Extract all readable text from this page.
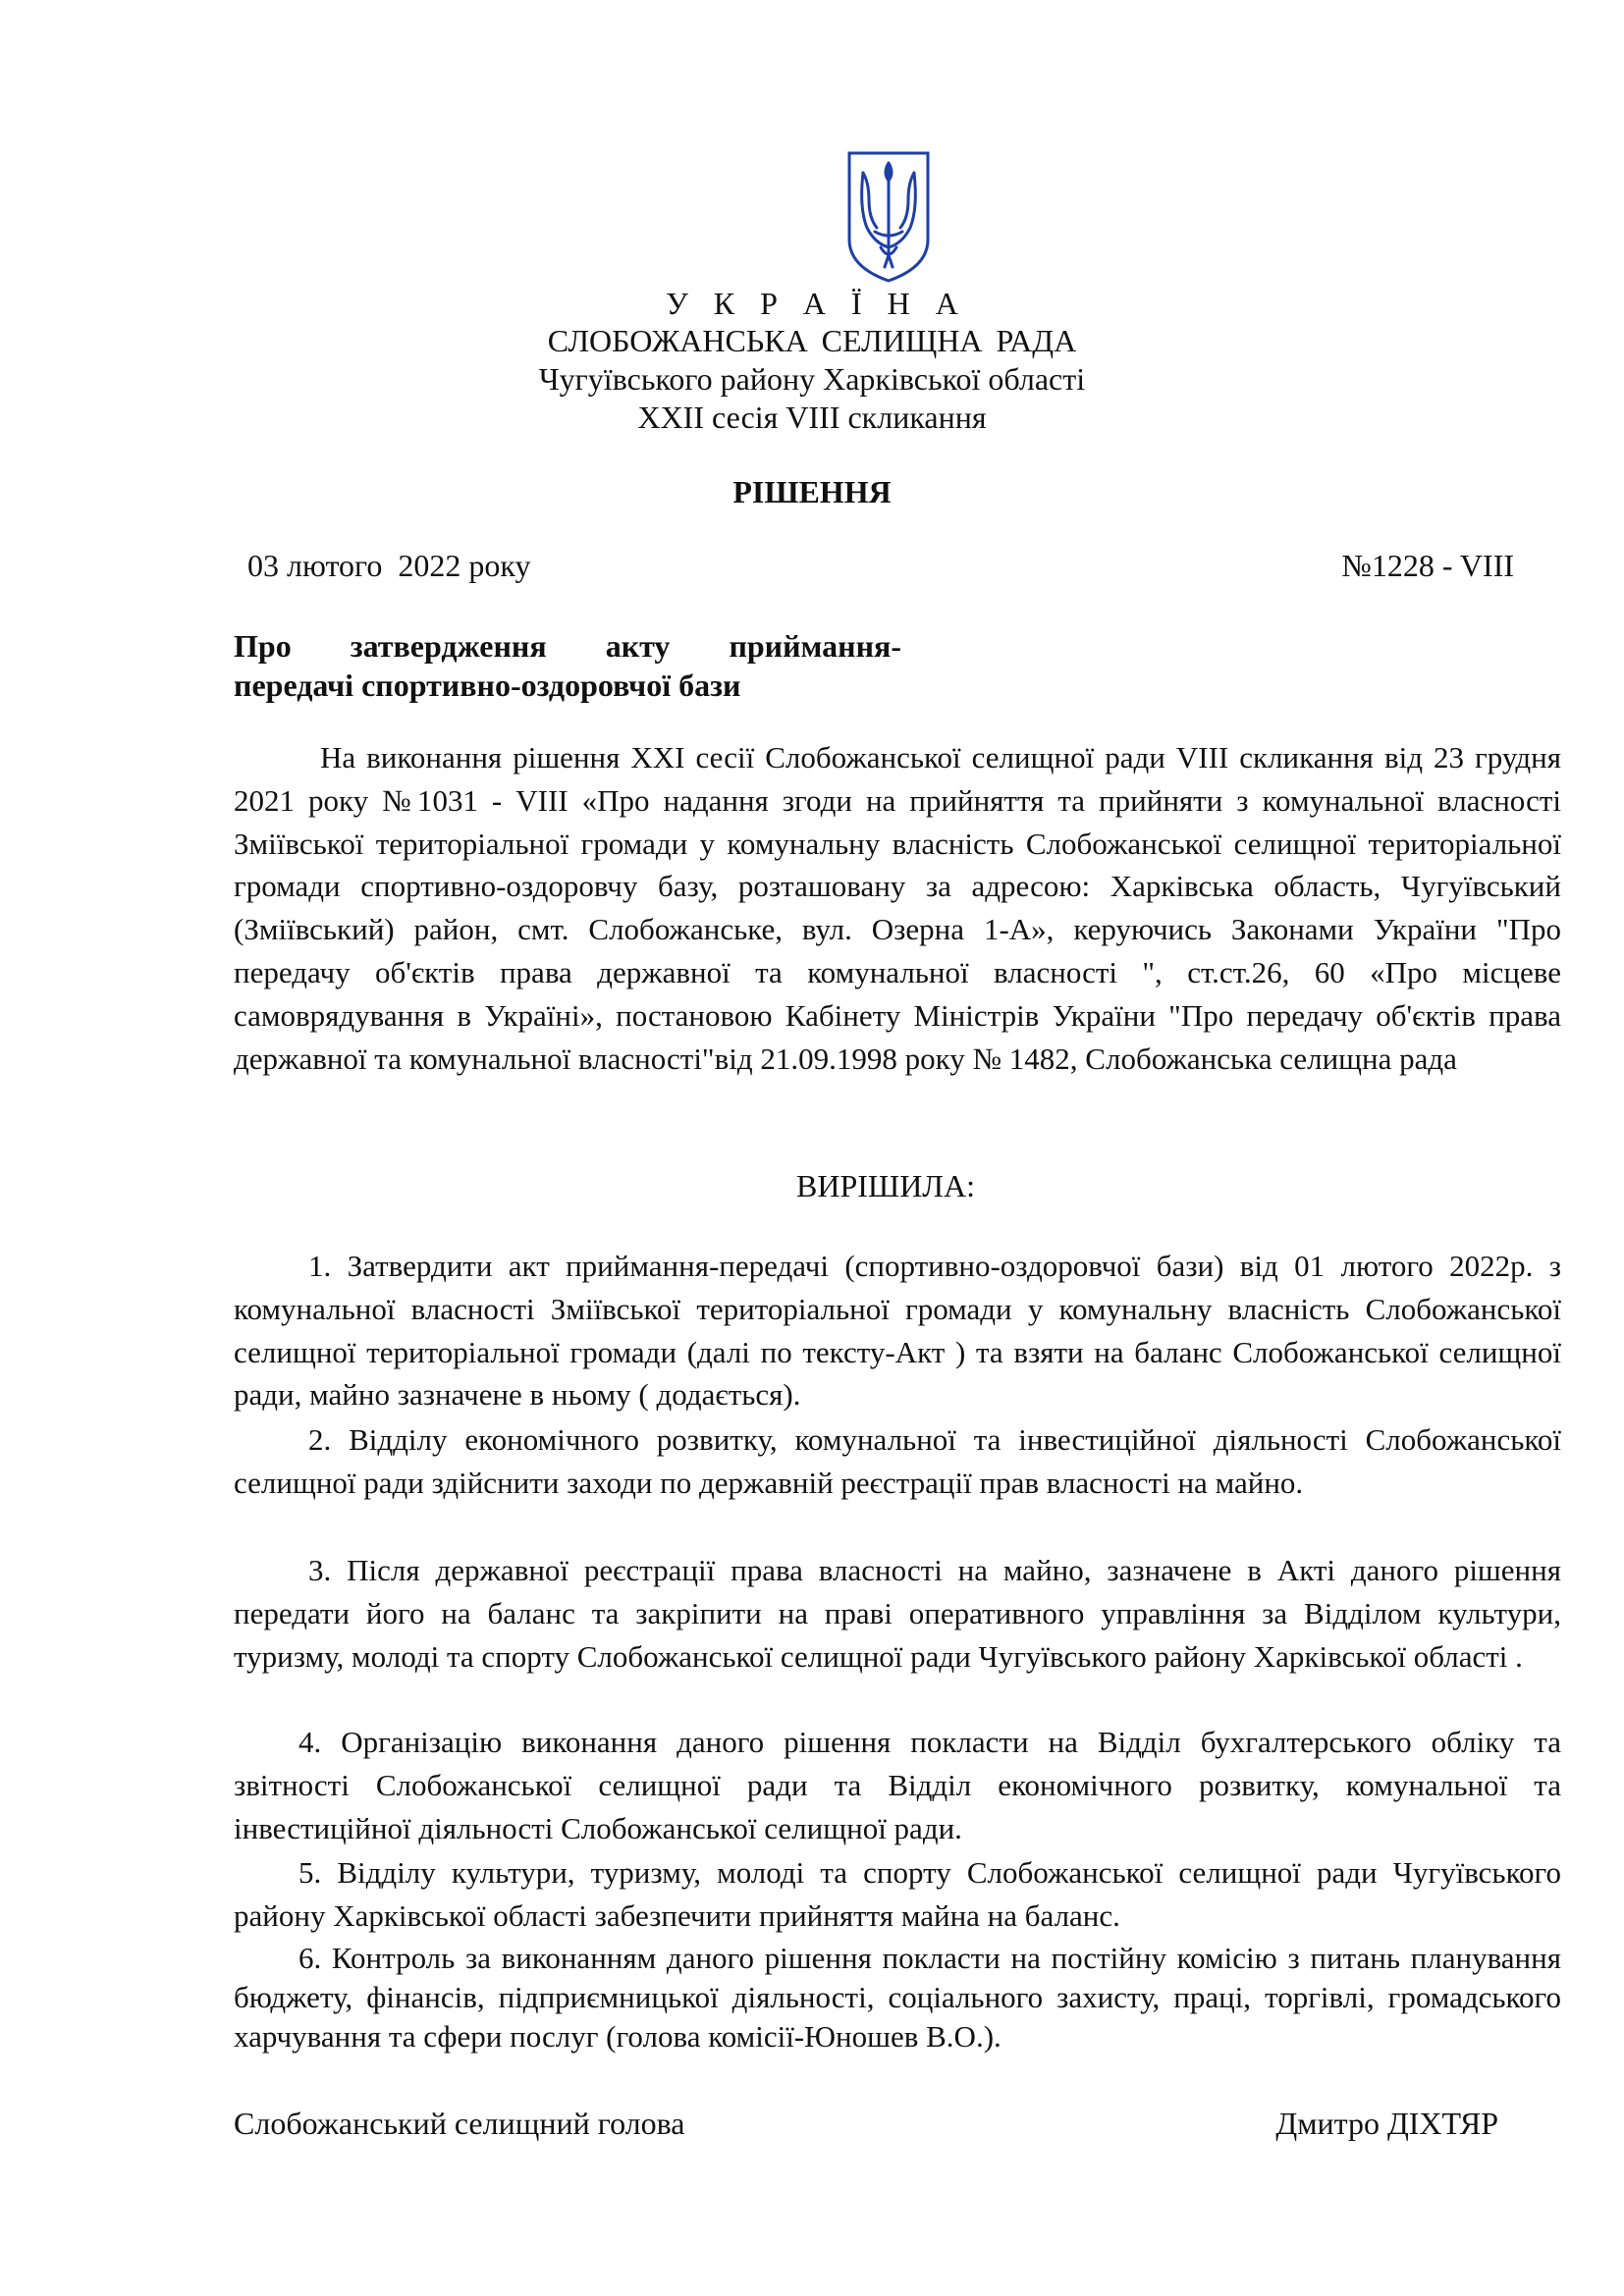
У К Р А Ї Н А
СЛОБОЖАНСЬКА СЕЛИЩНА РАДА
Чугуївського району Харківської області
ХХІІ сесія VIІІ скликання
РІШЕННЯ
03 лютого  2022 року	№1228 - VIІІ
Про затвердження акту приймання-
передачі спортивно-оздоровчої бази
На виконання рішення ХХІ сесії Слобожанської селищної ради VIІІ скликання від 23 грудня 2021 року №1031 - VIІІ «Про надання згоди на прийняття та прийняти з комунальної власності Зміївської територіальної громади у комунальну власність Слобожанської селищної територіальної громади спортивно-оздоровчу базу, розташовану за адресою: Харківська область, Чугуївський (Зміївський) район, смт. Слобожанське, вул. Озерна 1-А», керуючись Законами України "Про передачу об'єктів права державної та комунальної власності ", ст.ст.26, 60 «Про місцеве самоврядування в Україні», постановою Кабінету Міністрів України "Про передачу об'єктів права державної та комунальної власності"від 21.09.1998 року № 1482, Слобожанська селищна рада
ВИРІШИЛА:
1. Затвердити акт приймання-передачі (спортивно-оздоровчої бази) від 01 лютого 2022р. з комунальної власності Зміївської територіальної громади у комунальну власність Слобожанської селищної територіальної громади (далі по тексту-Акт ) та взяти на баланс Слобожанської селищної ради, майно зазначене в ньому ( додається).
2. Відділу економічного розвитку, комунальної та інвестиційної діяльності Слобожанської селищної ради здійснити заходи по державній реєстрації прав власності на майно.
3. Після державної реєстрації права власності на майно, зазначене в Акті даного рішення передати його на баланс та закріпити на праві оперативного управління за Відділом культури, туризму, молоді та спорту Слобожанської селищної ради Чугуївського району Харківської області .
4. Організацію виконання даного рішення покласти на Відділ бухгалтерського обліку та звітності Слобожанської селищної ради та Відділ економічного розвитку, комунальної та інвестиційної діяльності Слобожанської селищної ради.
5. Відділу культури, туризму, молоді та спорту Слобожанської селищної ради Чугуївського району Харківської області забезпечити прийняття майна на баланс.
6. Контроль за виконанням даного рішення покласти на постійну комісію з питань планування бюджету, фінансів, підприємницької діяльності, соціального захисту, праці, торгівлі, громадського харчування та сфери послуг (голова комісії-Юношев В.О.).
Слобожанський селищний голова	Дмитро ДІХТЯР
